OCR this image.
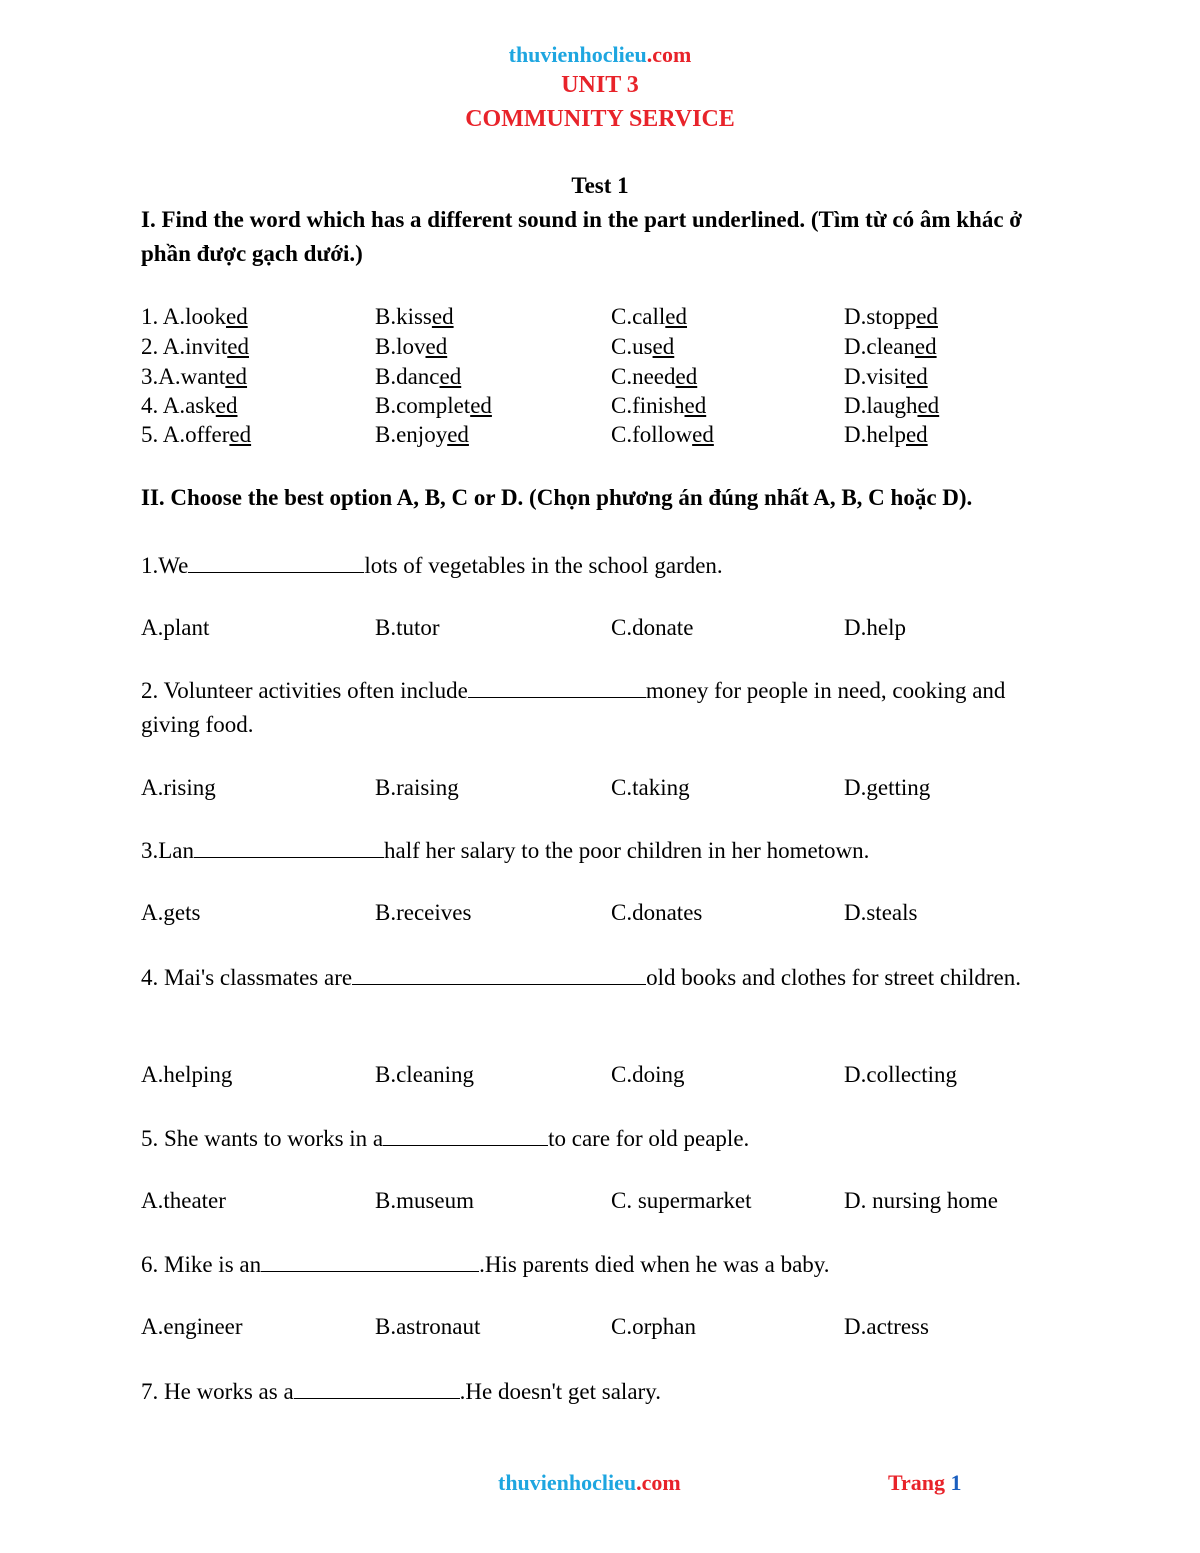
thuvienhoclieu.com
UNIT 3
COMMUNITY SERVICE
Test 1
I. Find the word which has a different sound in the part underlined. (Tìm từ có âm khác ở phần được gạch dưới.)
1. A.looked	B.kissed	C.called	D.stopped
2. A.invited	B.loved	C.used	D.cleaned
3.A.wanted	B.danced	C.needed	D.visited
4. A.asked	B.completed	C.finished	D.laughed
5. A.offered	B.enjoyed	C.followed	D.helped
II. Choose the best option A, B, C or D. (Chọn phương án đúng nhất A, B, C hoặc D).
1.We	lots of vegetables in the school garden.
A.plant	B.tutor	C.donate	D.help
2. Volunteer activities often include	money for people in need, cooking and giving food.
A.rising	B.raising	C.taking	D.getting
3.Lan	half her salary to the poor children in her hometown.
A.gets	B.receives	C.donates	D.steals
4. Mai's classmates are	old books and clothes for street children.
A.helping	B.cleaning	C.doing	D.collecting
5. She wants to works in a	to care for old peaple.
A.theater	B.museum	C. supermarket	D. nursing home
6. Mike is an	.His parents died when he was a baby.
A.engineer	B.astronaut	C.orphan	D.actress
7. He works as a	.He doesn't get salary.
thuvienhoclieu.com	Trang 1
